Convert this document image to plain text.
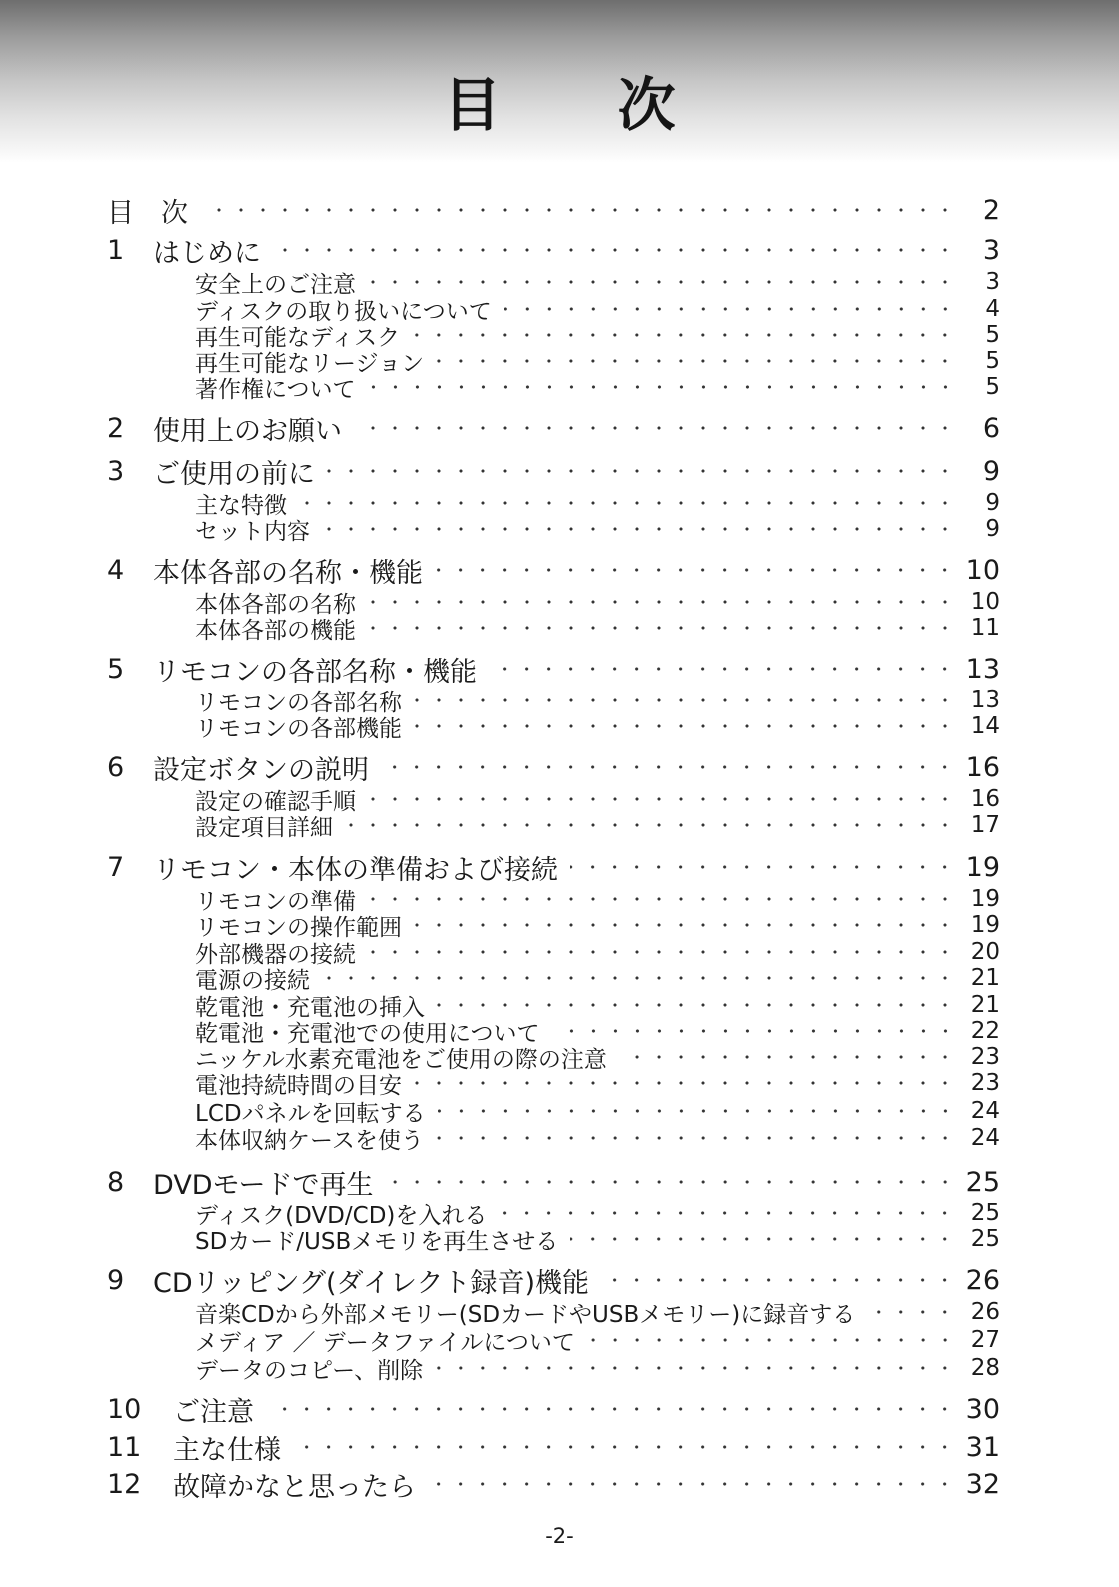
目 次
目　次	2
1	はじめに	3
安全上のご注意	3
ディスクの取り扱いについて	4
再生可能なディスク	5
再生可能なリージョン	5
著作権について	5
2	使用上のお願い	6
3	ご使用の前に	9
主な特徴	9
セット内容	9
4	本体各部の名称・機能	10
本体各部の名称	10
本体各部の機能	11
5	リモコンの各部名称・機能	13
リモコンの各部名称	13
リモコンの各部機能	14
6	設定ボタンの説明	16
設定の確認手順	16
設定項目詳細	17
7	リモコン・本体の準備および接続	19
リモコンの準備	19
リモコンの操作範囲	19
外部機器の接続	20
電源の接続	21
乾電池・充電池の挿入	21
乾電池・充電池での使用について	22
ニッケル水素充電池をご使用の際の注意	23
電池持続時間の目安	23
LCDパネルを回転する	24
本体収納ケースを使う	24
8	DVDモードで再生	25
ディスク(DVD/CD)を入れる	25
SDカード/USBメモリを再生させる	25
9	CDリッピング(ダイレクト録音)機能	26
音楽CDから外部メモリー(SDカードやUSBメモリー)に録音する	26
メディア ／ データファイルについて	27
データのコピー、削除	28
10	ご注意	30
11	主な仕様	31
12	故障かなと思ったら	32
-2-
